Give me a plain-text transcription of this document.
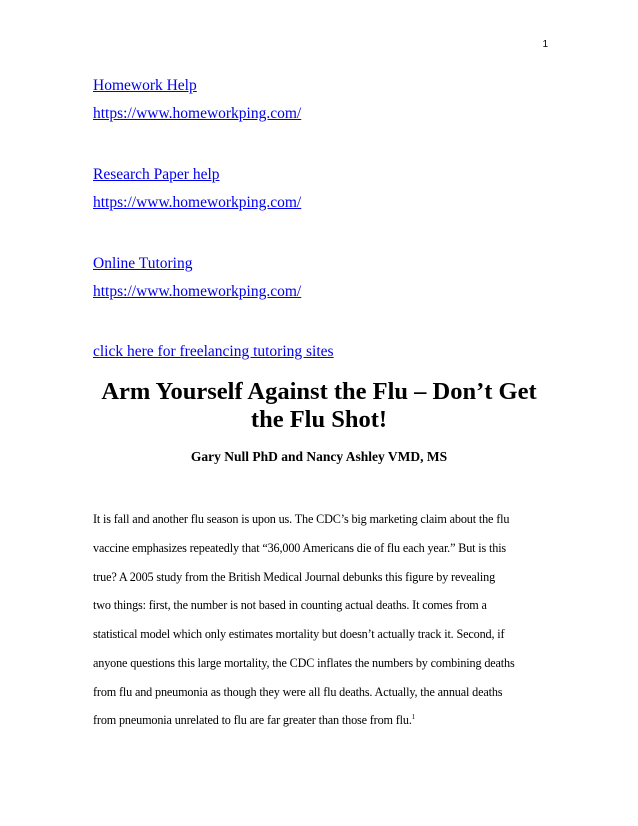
1
Homework Help
https://www.homeworkping.com/
Research Paper help
https://www.homeworkping.com/
Online Tutoring
https://www.homeworkping.com/
click here for freelancing tutoring sites
Arm Yourself Against the Flu – Don’t Get
the Flu Shot!
Gary Null PhD and Nancy Ashley VMD, MS
It is fall and another flu season is upon us. The CDC’s big marketing claim about the flu
vaccine emphasizes repeatedly that “36,000 Americans die of flu each year.” But is this
true? A 2005 study from the British Medical Journal debunks this figure by revealing
two things: first, the number is not based in counting actual deaths. It comes from a
statistical model which only estimates mortality but doesn’t actually track it. Second, if
anyone questions this large mortality, the CDC inflates the numbers by combining deaths
from flu and pneumonia as though they were all flu deaths. Actually, the annual deaths
from pneumonia unrelated to flu are far greater than those from flu.$^1$
